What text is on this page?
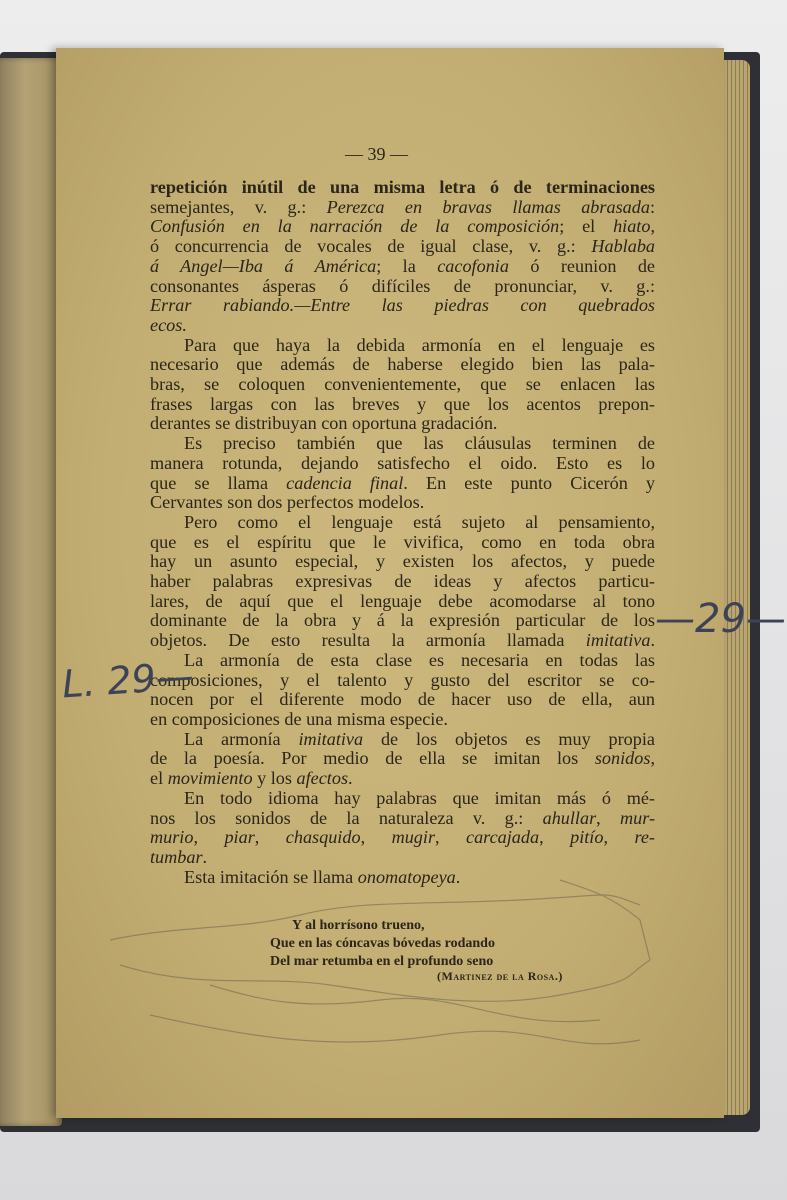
— 39 —
repetición inútil de una misma letra ó de terminaciones
semejantes, v. g.: Perezca en bravas llamas abrasada:
Confusión en la narración de la composición; el hiato,
ó concurrencia de vocales de igual clase, v. g.: Hablaba
á Angel—Iba á América; la cacofonia ó reunion de
consonantes ásperas ó difíciles de pronunciar, v. g.:
Errar rabiando.—Entre las piedras con quebrados
ecos.
Para que haya la debida armonía en el lenguaje es
necesario que además de haberse elegido bien las pala-
bras, se coloquen convenientemente, que se enlacen las
frases largas con las breves y que los acentos prepon-
derantes se distribuyan con oportuna gradación.
Es preciso también que las cláusulas terminen de
manera rotunda, dejando satisfecho el oido. Esto es lo
que se llama cadencia final. En este punto Cicerón y
Cervantes son dos perfectos modelos.
Pero como el lenguaje está sujeto al pensamiento,
que es el espíritu que le vivifica, como en toda obra
hay un asunto especial, y existen los afectos, y puede
haber palabras expresivas de ideas y afectos particu-
lares, de aquí que el lenguaje debe acomodarse al tono
dominante de la obra y á la expresión particular de los
objetos. De esto resulta la armonía llamada imitativa.
La armonía de esta clase es necesaria en todas las
composiciones, y el talento y gusto del escritor se co-
nocen por el diferente modo de hacer uso de ella, aun
en composiciones de una misma especie.
La armonía imitativa de los objetos es muy propia
de la poesía. Por medio de ella se imitan los sonidos,
el movimiento y los afectos.
En todo idioma hay palabras que imitan más ó mé-
nos los sonidos de la naturaleza v. g.: ahullar, mur-
murio, piar, chasquido, mugir, carcajada, pitío, re-
tumbar.
Esta imitación se llama onomatopeya.
Y al horrísono trueno,
Que en las cóncavas bóvedas rodando
Del mar retumba en el profundo seno
(Martinez de la Rosa.)
L. 29—
—29—
